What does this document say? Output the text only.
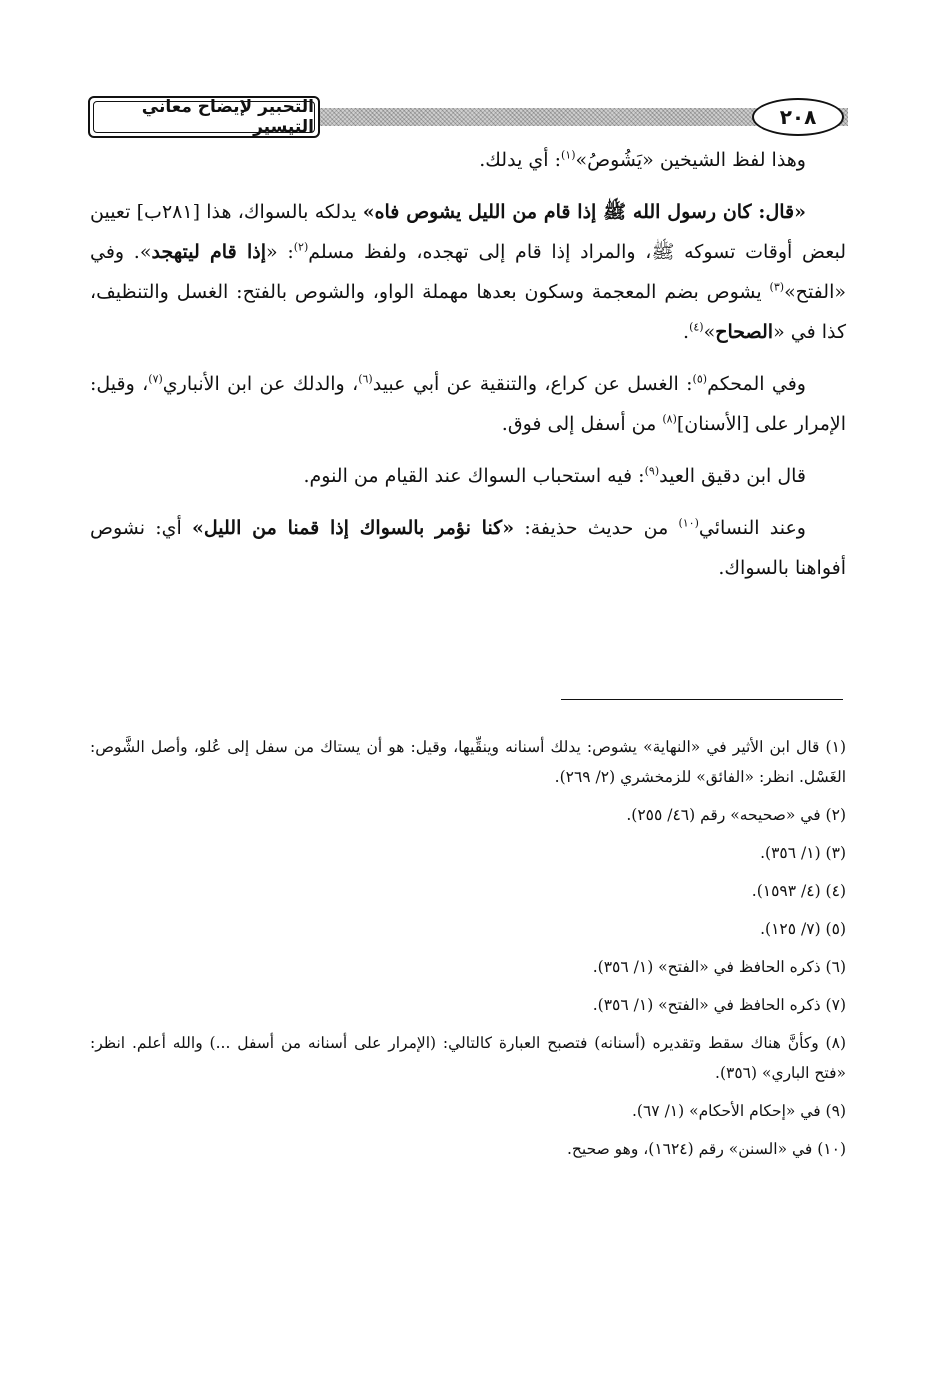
التحبير لإيضاح معاني التيسير	٢٠٨

وهذا لفظ الشيخين «يَشُوصُ»$^{(١)}$: أي يدلك.

«قال: كان رسول الله ﷺ إذا قام من الليل يشوص فاه» يدلكه بالسواك، هذا [٢٨١ب] تعيين لبعض أوقات تسوكه ﷺ، والمراد إذا قام إلى تهجده، ولفظ مسلم$^{(٢)}$: «إذا قام ليتهجد». وفي «الفتح»$^{(٣)}$ يشوص بضم المعجمة وسكون بعدها مهملة الواو، والشوص بالفتح: الغسل والتنظيف، كذا في «الصحاح»$^{(٤)}$.

وفي المحكم$^{(٥)}$: الغسل عن كراع، والتنقية عن أبي عبيد$^{(٦)}$، والدلك عن ابن الأنباري$^{(٧)}$، وقيل: الإمرار على [الأسنان]$^{(٨)}$ من أسفل إلى فوق.

قال ابن دقيق العيد$^{(٩)}$: فيه استحباب السواك عند القيام من النوم.

وعند النسائي$^{(١٠)}$ من حديث حذيفة: «كنا نؤمر بالسواك إذا قمنا من الليل» أي: نشوص أفواهنا بالسواك.

(١) قال ابن الأثير في «النهاية» يشوص: يدلك أسنانه وينقِّيها، وقيل: هو أن يستاك من سفل إلى عُلو، وأصل الشَّوص: الغَسْل. انظر: «الفائق» للزمخشري (٢/ ٢٦٩).
(٢) في «صحيحه» رقم (٤٦/ ٢٥٥).
(٣) (١/ ٣٥٦).
(٤) (٤/ ١٥٩٣).
(٥) (٧/ ١٢٥).
(٦) ذكره الحافظ في «الفتح» (١/ ٣٥٦).
(٧) ذكره الحافظ في «الفتح» (١/ ٣٥٦).
(٨) وكأنَّ هناك سقط وتقديره (أسنانه) فتصبح العبارة كالتالي: (الإمرار على أسنانه من أسفل ...) والله أعلم. انظر: «فتح الباري» (٣٥٦).
(٩) في «إحكام الأحكام» (١/ ٦٧).
(١٠) في «السنن» رقم (١٦٢٤)، وهو صحيح.
